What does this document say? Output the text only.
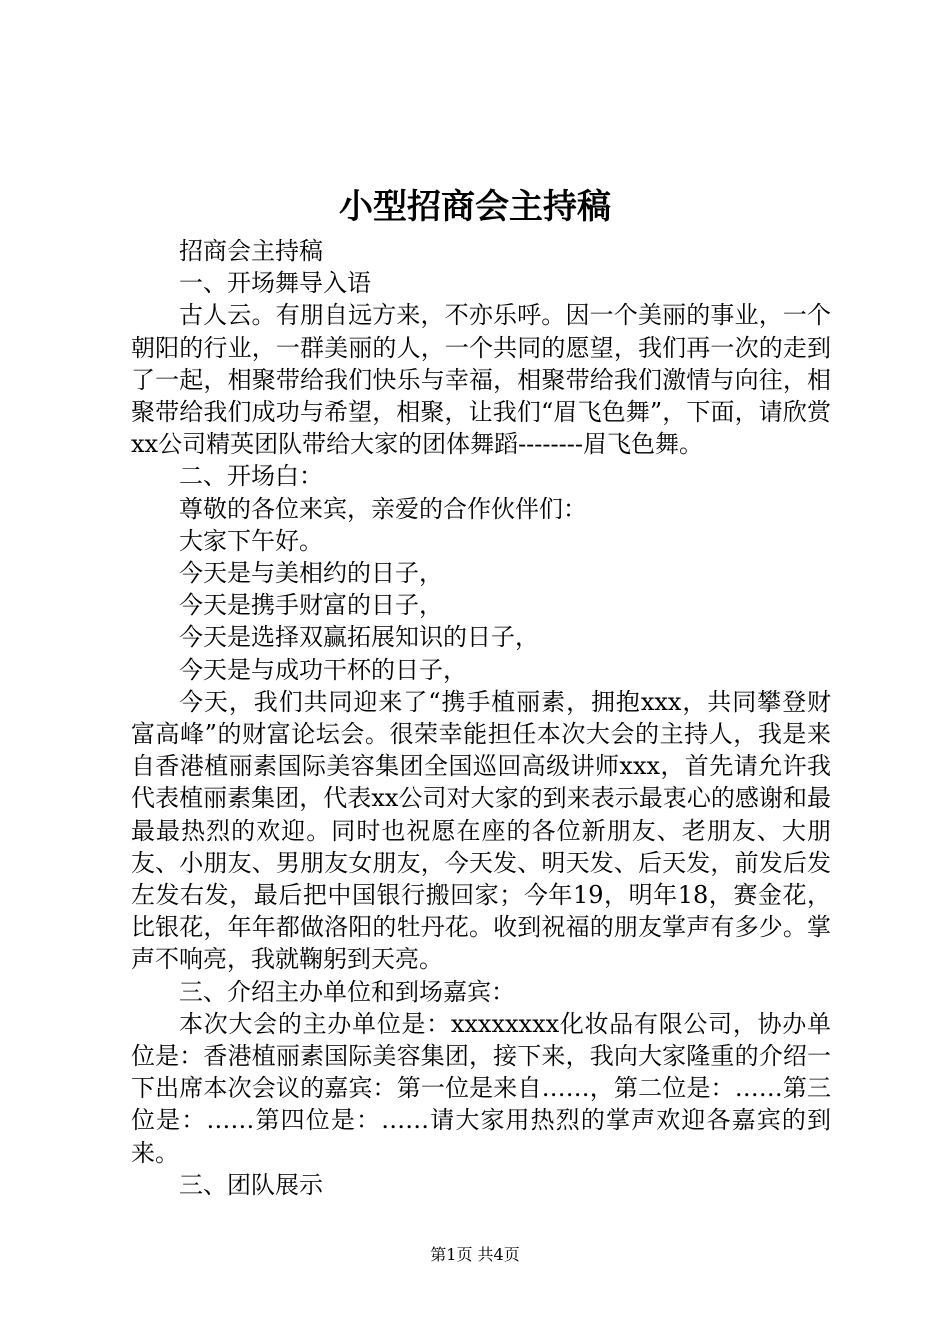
小型招商会主持稿

招商会主持稿

一、开场舞导入语

古人云。有朋自远方来，不亦乐呼。因一个美丽的事业，一个朝阳的行业，一群美丽的人，一个共同的愿望，我们再一次的走到了一起，相聚带给我们快乐与幸福，相聚带给我们激情与向往，相聚带给我们成功与希望，相聚，让我们“眉飞色舞”，下面，请欣赏xx公司精英团队带给大家的团体舞蹈--------眉飞色舞。

二、开场白：

尊敬的各位来宾，亲爱的合作伙伴们：

大家下午好。

今天是与美相约的日子，

今天是携手财富的日子，

今天是选择双赢拓展知识的日子，

今天是与成功干杯的日子，

今天，我们共同迎来了“携手植丽素，拥抱xxx，共同攀登财富高峰”的财富论坛会。很荣幸能担任本次大会的主持人，我是来自香港植丽素国际美容集团全国巡回高级讲师xxx，首先请允许我代表植丽素集团，代表xx公司对大家的到来表示最衷心的感谢和最最最热烈的欢迎。同时也祝愿在座的各位新朋友、老朋友、大朋友、小朋友、男朋友女朋友，今天发、明天发、后天发，前发后发左发右发，最后把中国银行搬回家；今年19，明年18，赛金花，比银花，年年都做洛阳的牡丹花。收到祝福的朋友掌声有多少。掌声不响亮，我就鞠躬到天亮。

三、介绍主办单位和到场嘉宾：

本次大会的主办单位是：xxxxxxxx化妆品有限公司，协办单位是：香港植丽素国际美容集团，接下来，我向大家隆重的介绍一下出席本次会议的嘉宾：第一位是来自……，第二位是：……第三位是：……第四位是：……请大家用热烈的掌声欢迎各嘉宾的到来。

三、团队展示

第1页 共4页
